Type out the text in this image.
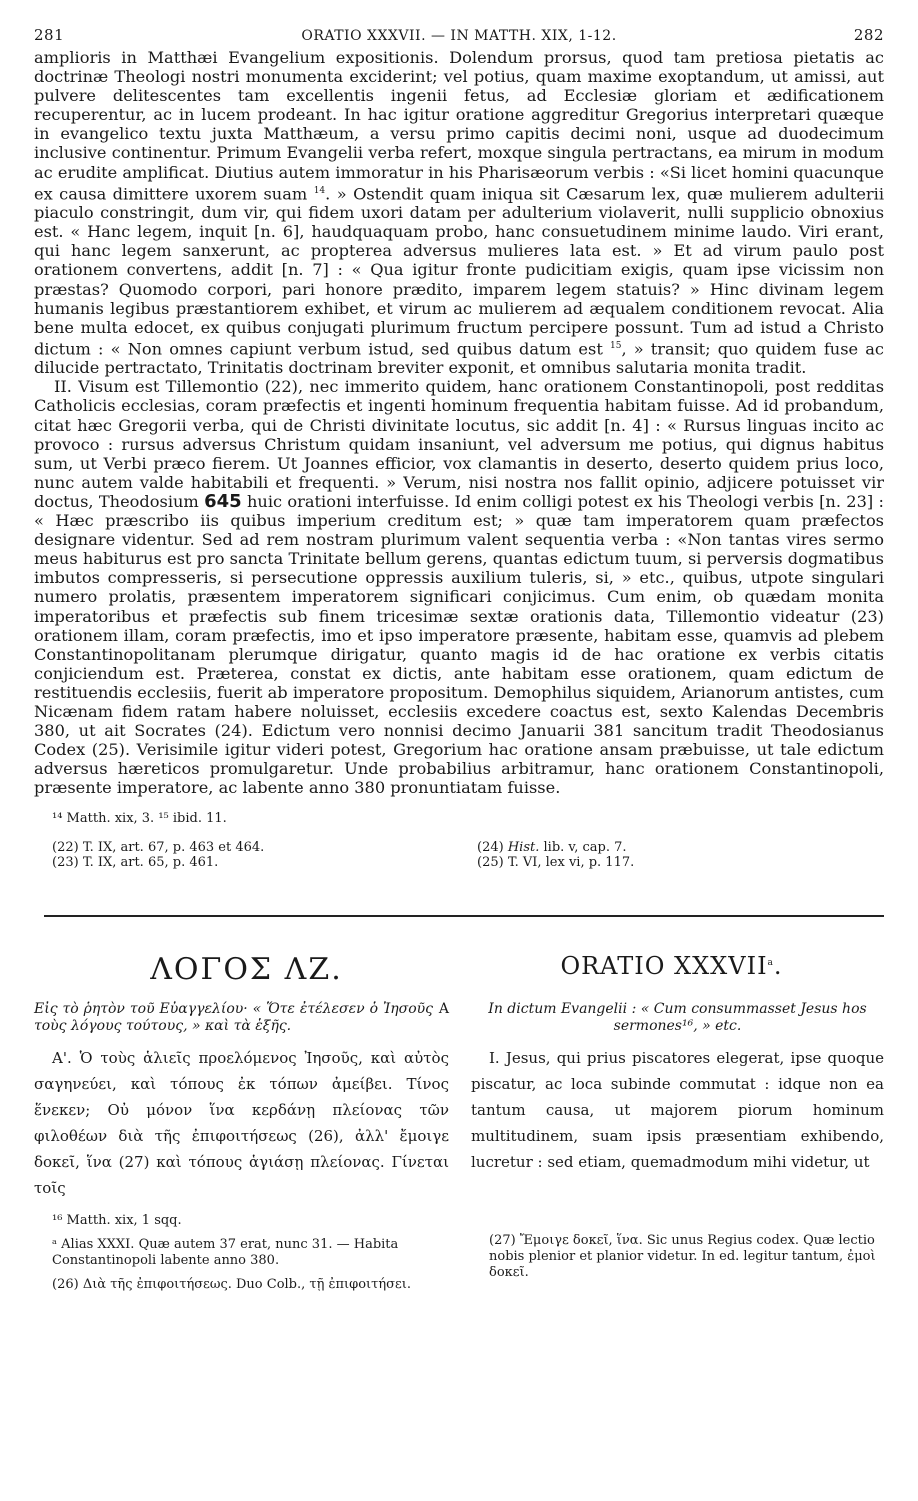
281	ORATIO XXXVII. — IN MATTH. XIX, 1-12.	282

amplioris in Matthæi Evangelium expositionis. Dolendum prorsus, quod tam pretiosa pietatis ac doctrinæ Theologi nostri monumenta exciderint; vel potius, quam maxime exoptandum, ut amissi, aut pulvere delitescentes tam excellentis ingenii fetus, ad Ecclesiæ gloriam et ædificationem recuperentur, ac in lucem prodeant. In hac igitur oratione aggreditur Gregorius interpretari quæque in evangelico textu juxta Matthæum, a versu primo capitis decimi noni, usque ad duodecimum inclusive continentur. Primum Evangelii verba refert, moxque singula pertractans, ea mirum in modum ac erudite amplificat. Diutius autem immoratur in his Pharisæorum verbis : «Si licet homini quacunque ex causa dimittere uxorem suam $^{14}$. » Ostendit quam iniqua sit Cæsarum lex, quæ mulierem adulterii piaculo constringit, dum vir, qui fidem uxori datam per adulterium violaverit, nulli supplicio obnoxius est. « Hanc legem, inquit [n. 6], haudquaquam probo, hanc consuetudinem minime laudo. Viri erant, qui hanc legem sanxerunt, ac propterea adversus mulieres lata est. » Et ad virum paulo post orationem convertens, addit [n. 7] : « Qua igitur fronte pudicitiam exigis, quam ipse vicissim non præstas? Quomodo corpori, pari honore prædito, imparem legem statuis? » Hinc divinam legem humanis legibus præstantiorem exhibet, et virum ac mulierem ad æqualem conditionem revocat. Alia bene multa edocet, ex quibus conjugati plurimum fructum percipere possunt. Tum ad istud a Christo dictum : « Non omnes capiunt verbum istud, sed quibus datum est $^{15}$, » transit; quo quidem fuse ac dilucide pertractato, Trinitatis doctrinam breviter exponit, et omnibus salutaria monita tradit.

II. Visum est Tillemontio (22), nec immerito quidem, hanc orationem Constantinopoli, post redditas Catholicis ecclesias, coram præfectis et ingenti hominum frequentia habitam fuisse. Ad id probandum, citat hæc Gregorii verba, qui de Christi divinitate locutus, sic addit [n. 4] : « Rursus linguas incito ac provoco : rursus adversus Christum quidam insaniunt, vel adversum me potius, qui dignus habitus sum, ut Verbi præco fierem. Ut Joannes efficior, vox clamantis in deserto, deserto quidem prius loco, nunc autem valde habitabili et frequenti. » Verum, nisi nostra nos fallit opinio, adjicere potuisset vir doctus, Theodosium 645 huic orationi interfuisse. Id enim colligi potest ex his Theologi verbis [n. 23] : « Hæc præscribo iis quibus imperium creditum est; » quæ tam imperatorem quam præfectos designare videntur. Sed ad rem nostram plurimum valent sequentia verba : «Non tantas vires sermo meus habiturus est pro sancta Trinitate bellum gerens, quantas edictum tuum, si perversis dogmatibus imbutos compresseris, si persecutione oppressis auxilium tuleris, si, » etc., quibus, utpote singulari numero prolatis, præsentem imperatorem significari conjicimus. Cum enim, ob quædam monita imperatoribus et præfectis sub finem tricesimæ sextæ orationis data, Tillemontio videatur (23) orationem illam, coram præfectis, imo et ipso imperatore præsente, habitam esse, quamvis ad plebem Constantinopolitanam plerumque dirigatur, quanto magis id de hac oratione ex verbis citatis conjiciendum est. Præterea, constat ex dictis, ante habitam esse orationem, quam edictum de restituendis ecclesiis, fuerit ab imperatore propositum. Demophilus siquidem, Arianorum antistes, cum Nicænam fidem ratam habere noluisset, ecclesiis excedere coactus est, sexto Kalendas Decembris 380, ut ait Socrates (24). Edictum vero nonnisi decimo Januarii 381 sancitum tradit Theodosianus Codex (25). Verisimile igitur videri potest, Gregorium hac oratione ansam præbuisse, ut tale edictum adversus hæreticos promulgaretur. Unde probabilius arbitramur, hanc orationem Constantinopoli, præsente imperatore, ac labente anno 380 pronuntiatam fuisse.

¹⁴ Matth. xix, 3. ¹⁵ ibid. 11.
(22) T. IX, art. 67, p. 463 et 464.
(23) T. IX, art. 65, p. 461.
(24) Hist. lib. v, cap. 7.
(25) T. VI, lex vi, p. 117.
ΛΟΓΟΣ ΛΖ.	ORATIO XXXVII$^a$.

Εἰς τὸ ῥητὸν τοῦ Εὐαγγελίου· « Ὅτε ἐτέλεσεν ὁ Ἰησοῦς τοὺς λόγους τούτους, » καὶ τὰ ἑξῆς.
A

Α'. Ὁ τοὺς ἁλιεῖς προελόμενος Ἰησοῦς, καὶ αὐτὸς σαγηνεύει, καὶ τόπους ἐκ τόπων ἀμείβει. Τίνος ἕνεκεν; Οὐ μόνον ἵνα κερδάνῃ πλείονας τῶν φιλοθέων διὰ τῆς ἐπιφοιτήσεως (26), ἀλλ' ἔμοιγε δοκεῖ, ἵνα (27) καὶ τόπους ἁγιάσῃ πλείονας. Γίνεται τοῖς
¹⁶ Matth. xix, 1 sqq.
ᵃ Alias XXXI. Quæ autem 37 erat, nunc 31. — Habita Constantinopoli labente anno 380.
(26) Διὰ τῆς ἐπιφοιτήσεως. Duo Colb., τῇ ἐπιφοιτήσει.

In dictum Evangelii : « Cum consummasset Jesus hos sermones¹⁶, » etc.

I. Jesus, qui prius piscatores elegerat, ipse quoque piscatur, ac loca subinde commutat : idque non ea tantum causa, ut majorem piorum hominum multitudinem, suam ipsis præsentiam exhibendo, lucretur : sed etiam, quemadmodum mihi videtur, ut
(27) Ἔμοιγε δοκεῖ, ἵνα. Sic unus Regius codex. Quæ lectio nobis plenior et planior videtur. In ed. legitur tantum, ἐμοὶ δοκεῖ.
